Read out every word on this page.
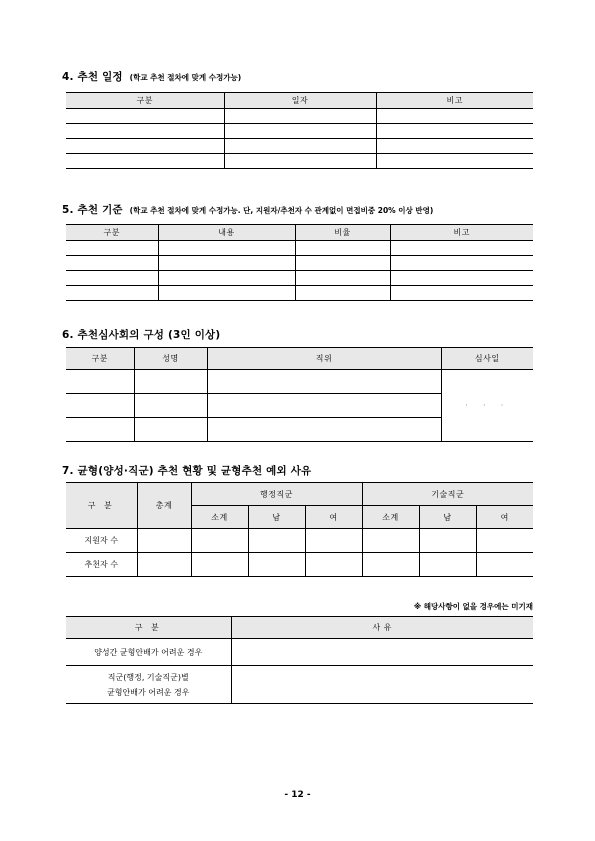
4. 추천 일정 (학교 추천 절차에 맞게 수정가능)
구분	일자	비고

5. 추천 기준 (학교 추천 절차에 맞게 수정가능. 단, 지원자/추천자 수 관계없이 면접비중 20% 이상 반영)
구분	내용	비율	비고

6. 추천심사회의 구성 (3인 이상)
구분	성명	직위	심사일
			· · ·

7. 균형(양성·직군) 추천 현황 및 균형추천 예외 사유
구 분	총계	행정직군			기술직군		
		소계	남	여	소계	남	여
지원자 수							
추천자 수							
※ 해당사항이 없을 경우에는 미기재
구 분	사 유
양성간 균형안배가 어려운 경우	

직군(행정, 기술직군)별
균형안배가 어려운 경우	

- 12 -
